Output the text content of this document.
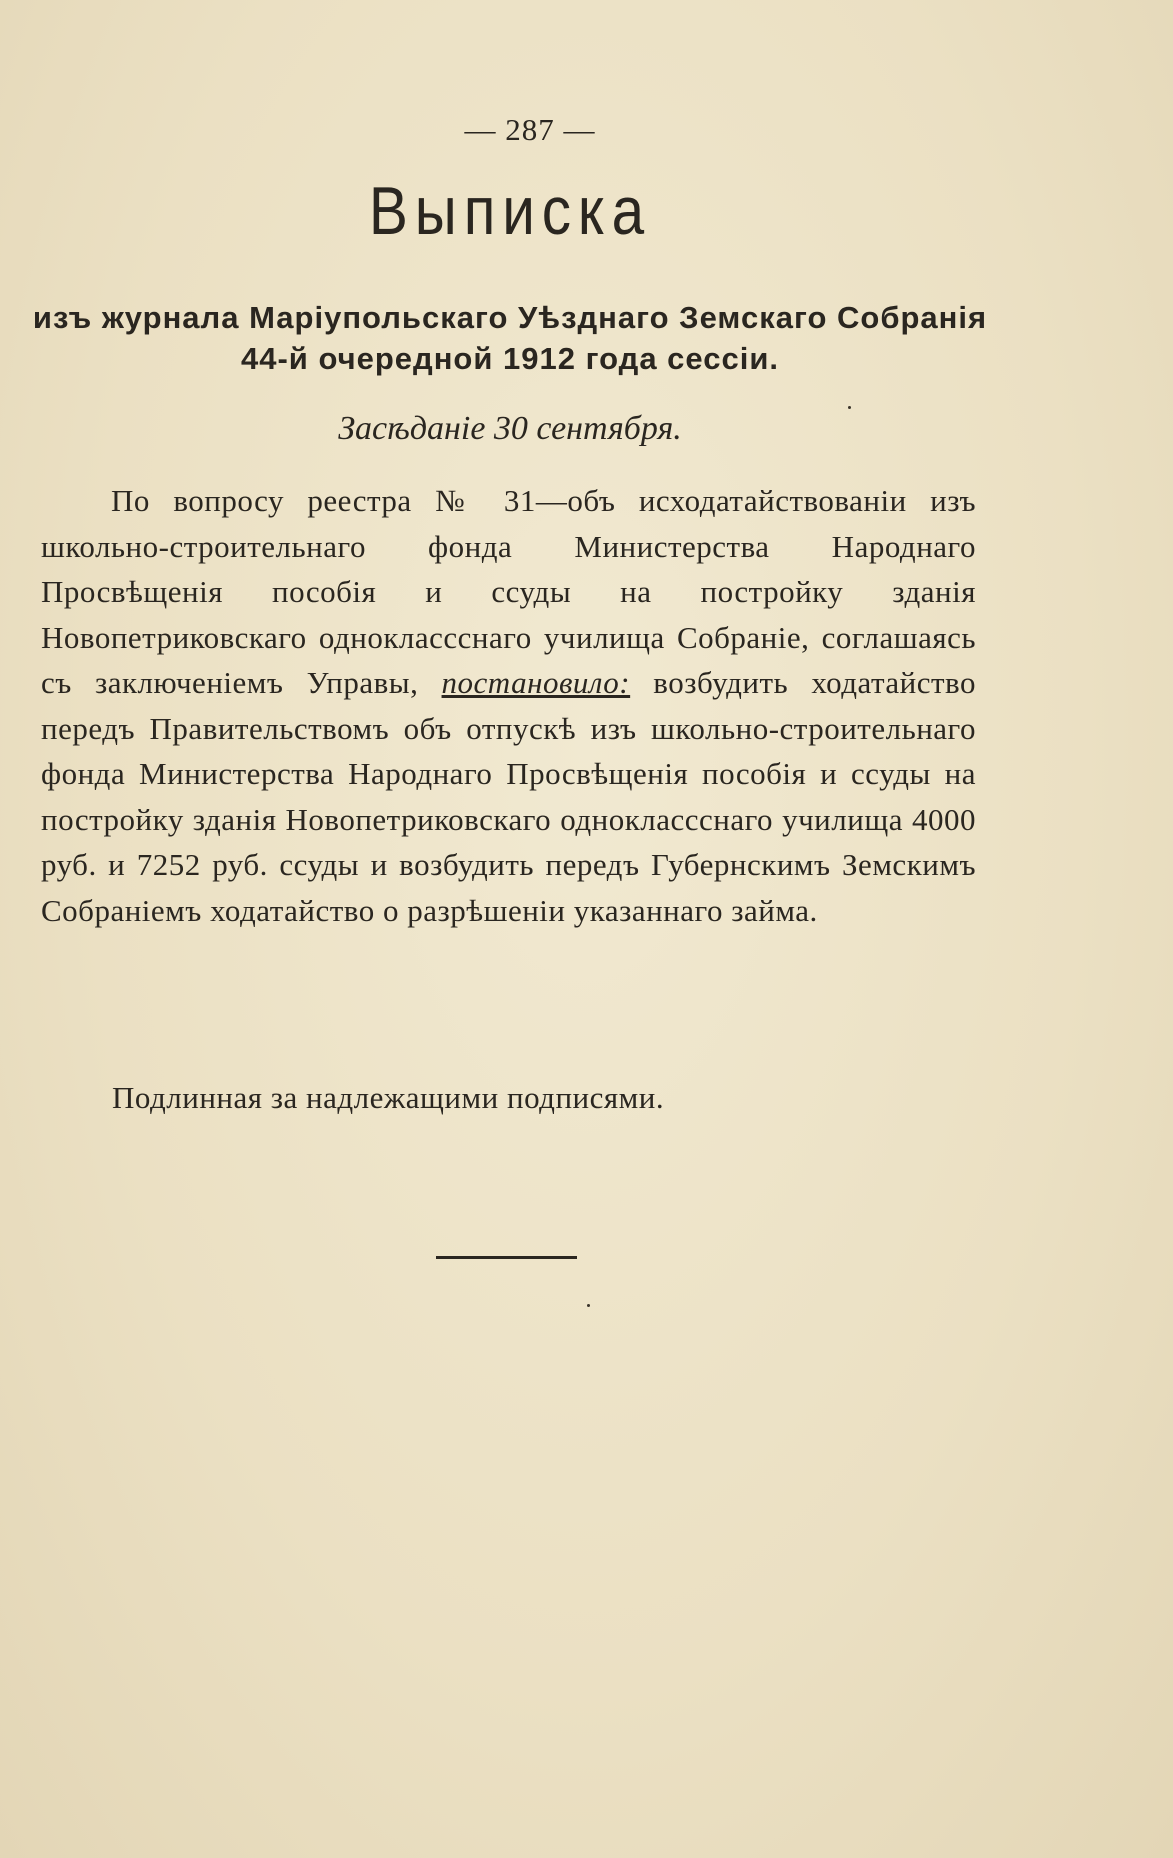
— 287 —
Выписка
изъ журнала Маріупольскаго Уѣзднаго Земскаго Собранія
44-й очередной 1912 года сессіи.
Засѣданіе 30 сентября.
По вопросу реестра № 31—объ исходатайствованіи изъ школьно-строительнаго фонда Министерства Народнаго Просвѣщенія пособія и ссуды на постройку зданія Новопетриковскаго одноклассснаго училища Собраніе, соглашаясь съ заключеніемъ Управы, постановило: возбудить ходатайство передъ Правительствомъ объ отпускѣ изъ школьно-строительнаго фонда Министерства Народнаго Просвѣщенія пособія и ссуды на постройку зданія Новопетриковскаго одноклассснаго училища 4000 руб. и 7252 руб. ссуды и возбудить передъ Губернскимъ Земскимъ Собраніемъ ходатайство о разрѣшеніи указаннаго займа.
Подлинная за надлежащими подписями.
